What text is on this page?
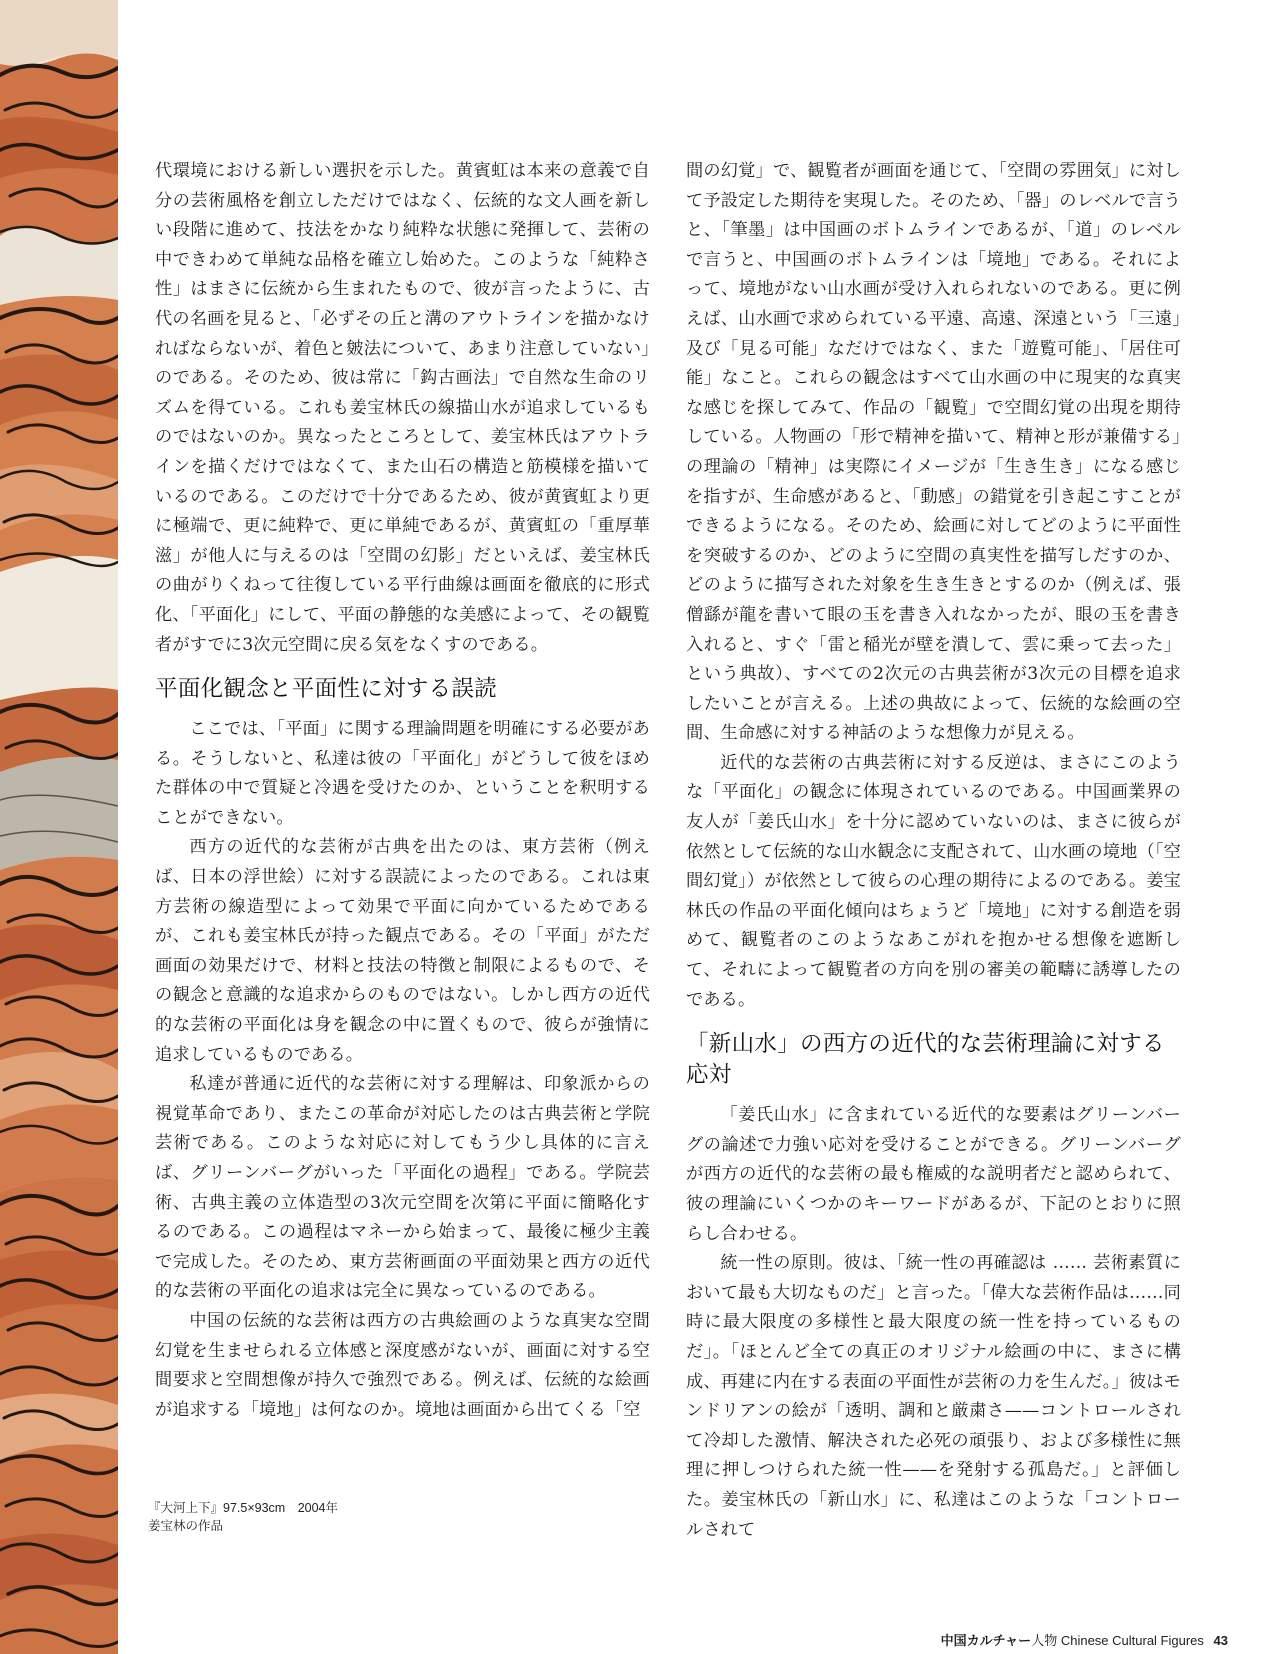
代環境における新しい選択を示した。黄賓虹は本来の意義で自分の芸術風格を創立しただけではなく、伝統的な文人画を新しい段階に進めて、技法をかなり純粋な状態に発揮して、芸術の中できわめて単純な品格を確立し始めた。このような「純粋さ性」はまさに伝統から生まれたもので、彼が言ったように、古代の名画を見ると、「必ずその丘と溝のアウトラインを描かなければならないが、着色と皴法について、あまり注意していない」のである。そのため、彼は常に「鈎古画法」で自然な生命のリズムを得ている。これも姜宝林氏の線描山水が追求しているものではないのか。異なったところとして、姜宝林氏はアウトラインを描くだけではなくて、また山石の構造と筋模様を描いているのである。このだけで十分であるため、彼が黄賓虹より更に極端で、更に純粋で、更に単純であるが、黄賓虹の「重厚華滋」が他人に与えるのは「空間の幻影」だといえば、姜宝林氏の曲がりくねって往復している平行曲線は画面を徹底的に形式化、「平面化」にして、平面の静態的な美感によって、その観覧者がすでに3次元空間に戻る気をなくすのである。

平面化観念と平面性に対する誤読

ここでは、「平面」に関する理論問題を明確にする必要がある。そうしないと、私達は彼の「平面化」がどうして彼をほめた群体の中で質疑と冷遇を受けたのか、ということを釈明することができない。

西方の近代的な芸術が古典を出たのは、東方芸術（例えば、日本の浮世絵）に対する誤読によったのである。これは東方芸術の線造型によって効果で平面に向かているためであるが、これも姜宝林氏が持った観点である。その「平面」がただ画面の効果だけで、材料と技法の特徴と制限によるもので、その観念と意識的な追求からのものではない。しかし西方の近代的な芸術の平面化は身を観念の中に置くもので、彼らが強情に追求しているものである。

私達が普通に近代的な芸術に対する理解は、印象派からの視覚革命であり、またこの革命が対応したのは古典芸術と学院芸術である。このような対応に対してもう少し具体的に言えば、グリーンバーグがいった「平面化の過程」である。学院芸術、古典主義の立体造型の3次元空間を次第に平面に簡略化するのである。この過程はマネーから始まって、最後に極少主義で完成した。そのため、東方芸術画面の平面効果と西方の近代的な芸術の平面化の追求は完全に異なっているのである。

中国の伝統的な芸術は西方の古典絵画のような真実な空間幻覚を生ませられる立体感と深度感がないが、画面に対する空間要求と空間想像が持久で強烈である。例えば、伝統的な絵画が追求する「境地」は何なのか。境地は画面から出てくる「空

間の幻覚」で、観覧者が画面を通じて、「空間の雰囲気」に対して予設定した期待を実現した。そのため、「器」のレベルで言うと、「筆墨」は中国画のボトムラインであるが、「道」のレベルで言うと、中国画のボトムラインは「境地」である。それによって、境地がない山水画が受け入れられないのである。更に例えば、山水画で求められている平遠、高遠、深遠という「三遠」及び「見る可能」なだけではなく、また「遊覧可能」、「居住可能」なこと。これらの観念はすべて山水画の中に現実的な真実な感じを探してみて、作品の「観覧」で空間幻覚の出現を期待している。人物画の「形で精神を描いて、精神と形が兼備する」の理論の「精神」は実際にイメージが「生き生き」になる感じを指すが、生命感があると、「動感」の錯覚を引き起こすことができるようになる。そのため、絵画に対してどのように平面性を突破するのか、どのように空間の真実性を描写しだすのか、どのように描写された対象を生き生きとするのか（例えば、張僧繇が龍を書いて眼の玉を書き入れなかったが、眼の玉を書き入れると、すぐ「雷と稲光が壁を潰して、雲に乗って去った」という典故）、すべての2次元の古典芸術が3次元の目標を追求したいことが言える。上述の典故によって、伝統的な絵画の空間、生命感に対する神話のような想像力が見える。

近代的な芸術の古典芸術に対する反逆は、まさにこのような「平面化」の観念に体現されているのである。中国画業界の友人が「姜氏山水」を十分に認めていないのは、まさに彼らが依然として伝統的な山水観念に支配されて、山水画の境地（「空間幻覚」）が依然として彼らの心理の期待によるのである。姜宝林氏の作品の平面化傾向はちょうど「境地」に対する創造を弱めて、観覧者のこのようなあこがれを抱かせる想像を遮断して、それによって観覧者の方向を別の審美の範疇に誘導したのである。

「新山水」の西方の近代的な芸術理論に対する応対

「姜氏山水」に含まれている近代的な要素はグリーンバーグの論述で力強い応対を受けることができる。グリーンバーグが西方の近代的な芸術の最も権威的な説明者だと認められて、彼の理論にいくつかのキーワードがあるが、下記のとおりに照らし合わせる。

統一性の原則。彼は、「統一性の再確認は …… 芸術素質において最も大切なものだ」と言った。「偉大な芸術作品は……同時に最大限度の多様性と最大限度の統一性を持っているものだ」。「ほとんど全ての真正のオリジナル絵画の中に、まさに構成、再建に内在する表面の平面性が芸術の力を生んだ。」彼はモンドリアンの絵が「透明、調和と厳粛さ——コントロールされて冷却した激情、解決された必死の頑張り、および多様性に無理に押しつけられた統一性——を発射する孤島だ。」と評価した。姜宝林氏の「新山水」に、私達はこのような「コントロールされて

『大河上下』97.5×93cm　2004年
姜宝林の作品
中国カルチャー人物 Chinese Cultural Figures 43
